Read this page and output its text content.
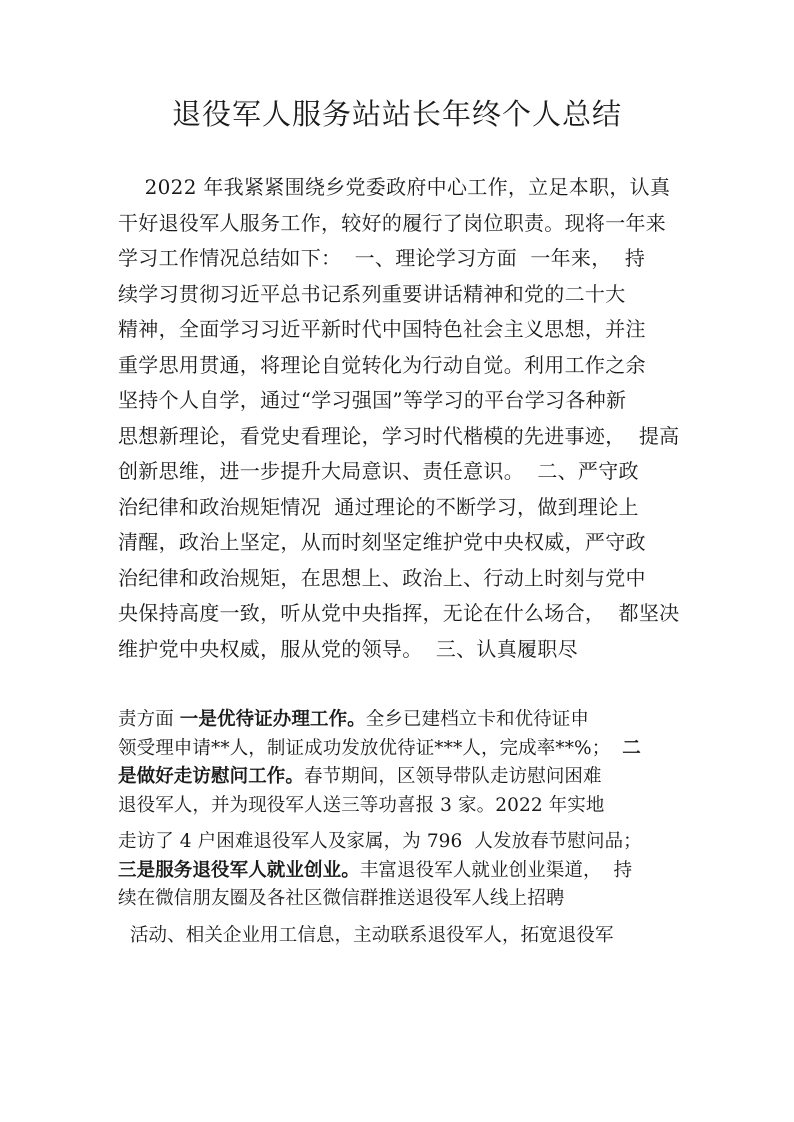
退役军人服务站站长年终个人总结
2022 年我紧紧围绕乡党委政府中心工作，立足本职，认真
干好退役军人服务工作，较好的履行了岗位职责。现将一年来
学习工作情况总结如下：  一、理论学习方面  一年来，  持
续学习贯彻习近平总书记系列重要讲话精神和党的二十大
精神，全面学习习近平新时代中国特色社会主义思想，并注
重学思用贯通，将理论自觉转化为行动自觉。利用工作之余
坚持个人自学，通过“学习强国”等学习的平台学习各种新
思想新理论，看党史看理论，学习时代楷模的先进事迹，  提高
创新思维，进一步提升大局意识、责任意识。  二、严守政
治纪律和政治规矩情况  通过理论的不断学习，做到理论上
清醒，政治上坚定，从而时刻坚定维护党中央权威，严守政
治纪律和政治规矩，在思想上、政治上、行动上时刻与党中
央保持高度一致，听从党中央指挥，无论在什么场合，  都坚决
维护党中央权威，服从党的领导。  三、认真履职尽
责方面 一是优待证办理工作。全乡已建档立卡和优待证申
领受理申请**人，制证成功发放优待证***人，完成率**%；  二
是做好走访慰问工作。春节期间，区领导带队走访慰问困难
退役军人，并为现役军人送三等功喜报 3 家。2022 年实地
走访了 4 户困难退役军人及家属，为 796  人发放春节慰问品；
三是服务退役军人就业创业。丰富退役军人就业创业渠道，  持
续在微信朋友圈及各社区微信群推送退役军人线上招聘
活动、相关企业用工信息，主动联系退役军人，拓宽退役军
